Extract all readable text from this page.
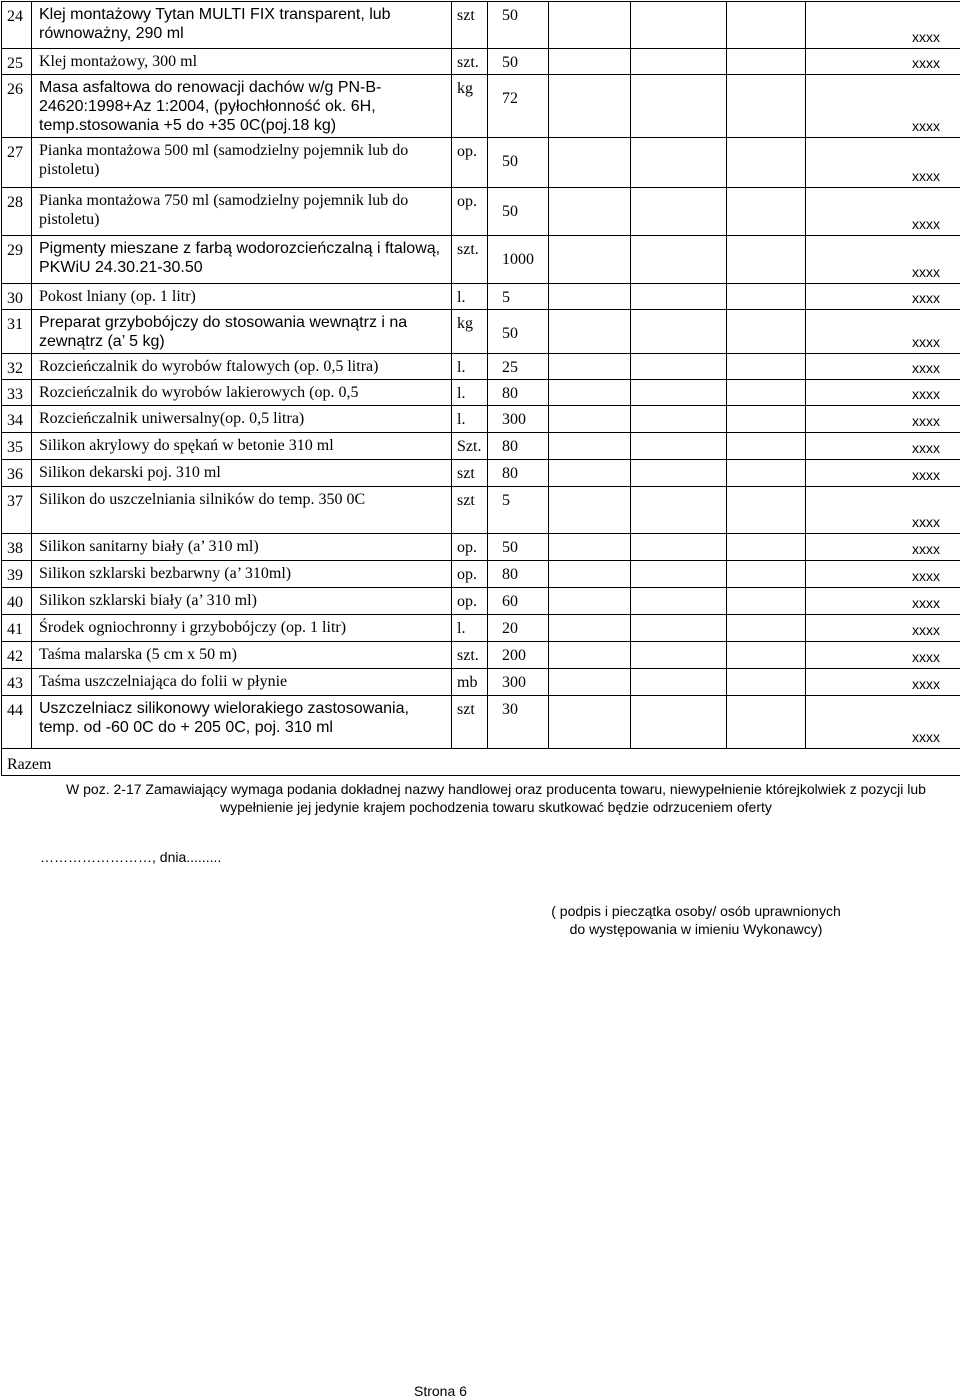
24	Klej montażowy Tytan MULTI FIX transparent, lub równoważny, 290 ml	szt	50				xxxx

25	Klej montażowy, 300 ml	szt.	50				xxxx

26	Masa asfaltowa do renowacji dachów w/g PN-B-24620:1998+Az 1:2004, (pyłochłonność ok. 6H, temp.stosowania +5 do +35 0C(poj.18 kg)	kg	72				xxxx

27	Pianka montażowa 500 ml (samodzielny pojemnik lub do pistoletu)	op.	50				xxxx

28	Pianka montażowa 750 ml (samodzielny pojemnik lub do pistoletu)	op.	50				xxxx

29	Pigmenty mieszane z farbą wodorozcieńczalną i ftalową, PKWiU 24.30.21-30.50	szt.	1000				xxxx

30	Pokost lniany (op. 1 litr)	l.	5				xxxx

31	Preparat grzybobójczy do stosowania wewnątrz i na zewnątrz (a’ 5 kg)	kg	50				xxxx

32	Rozcieńczalnik do wyrobów ftalowych (op. 0,5 litra)	l.	25				xxxx

33	Rozcieńczalnik do wyrobów lakierowych (op. 0,5	l.	80				xxxx

34	Rozcieńczalnik uniwersalny(op. 0,5 litra)	l.	300				xxxx

35	Silikon akrylowy do spękań w betonie 310 ml	Szt.	80				xxxx

36	Silikon dekarski poj. 310 ml	szt	80				xxxx

37	Silikon do uszczelniania silników do temp. 350 0C	szt	5				xxxx

38	Silikon sanitarny biały (a’ 310 ml)	op.	50				xxxx

39	Silikon szklarski bezbarwny (a’ 310ml)	op.	80				xxxx

40	Silikon szklarski biały (a’ 310 ml)	op.	60				xxxx

41	Środek ogniochronny i grzybobójczy (op. 1 litr)	l.	20				xxxx

42	Taśma malarska (5 cm x 50 m)	szt.	200				xxxx

43	Taśma uszczelniająca do folii w płynie	mb	300				xxxx

44	Uszczelniacz silikonowy wielorakiego zastosowania, temp. od -60 0C do + 205 0C, poj. 310 ml	szt	30				xxxx

Razem							
W poz. 2-17 Zamawiający wymaga podania dokładnej nazwy handlowej oraz producenta towaru, niewypełnienie którejkolwiek z pozycji lub wypełnienie jej jedynie krajem pochodzenia towaru skutkować będzie odrzuceniem oferty
……………………, dnia.........
( podpis i pieczątka osoby/ osób uprawnionych do występowania w imieniu Wykonawcy)
Strona 6
